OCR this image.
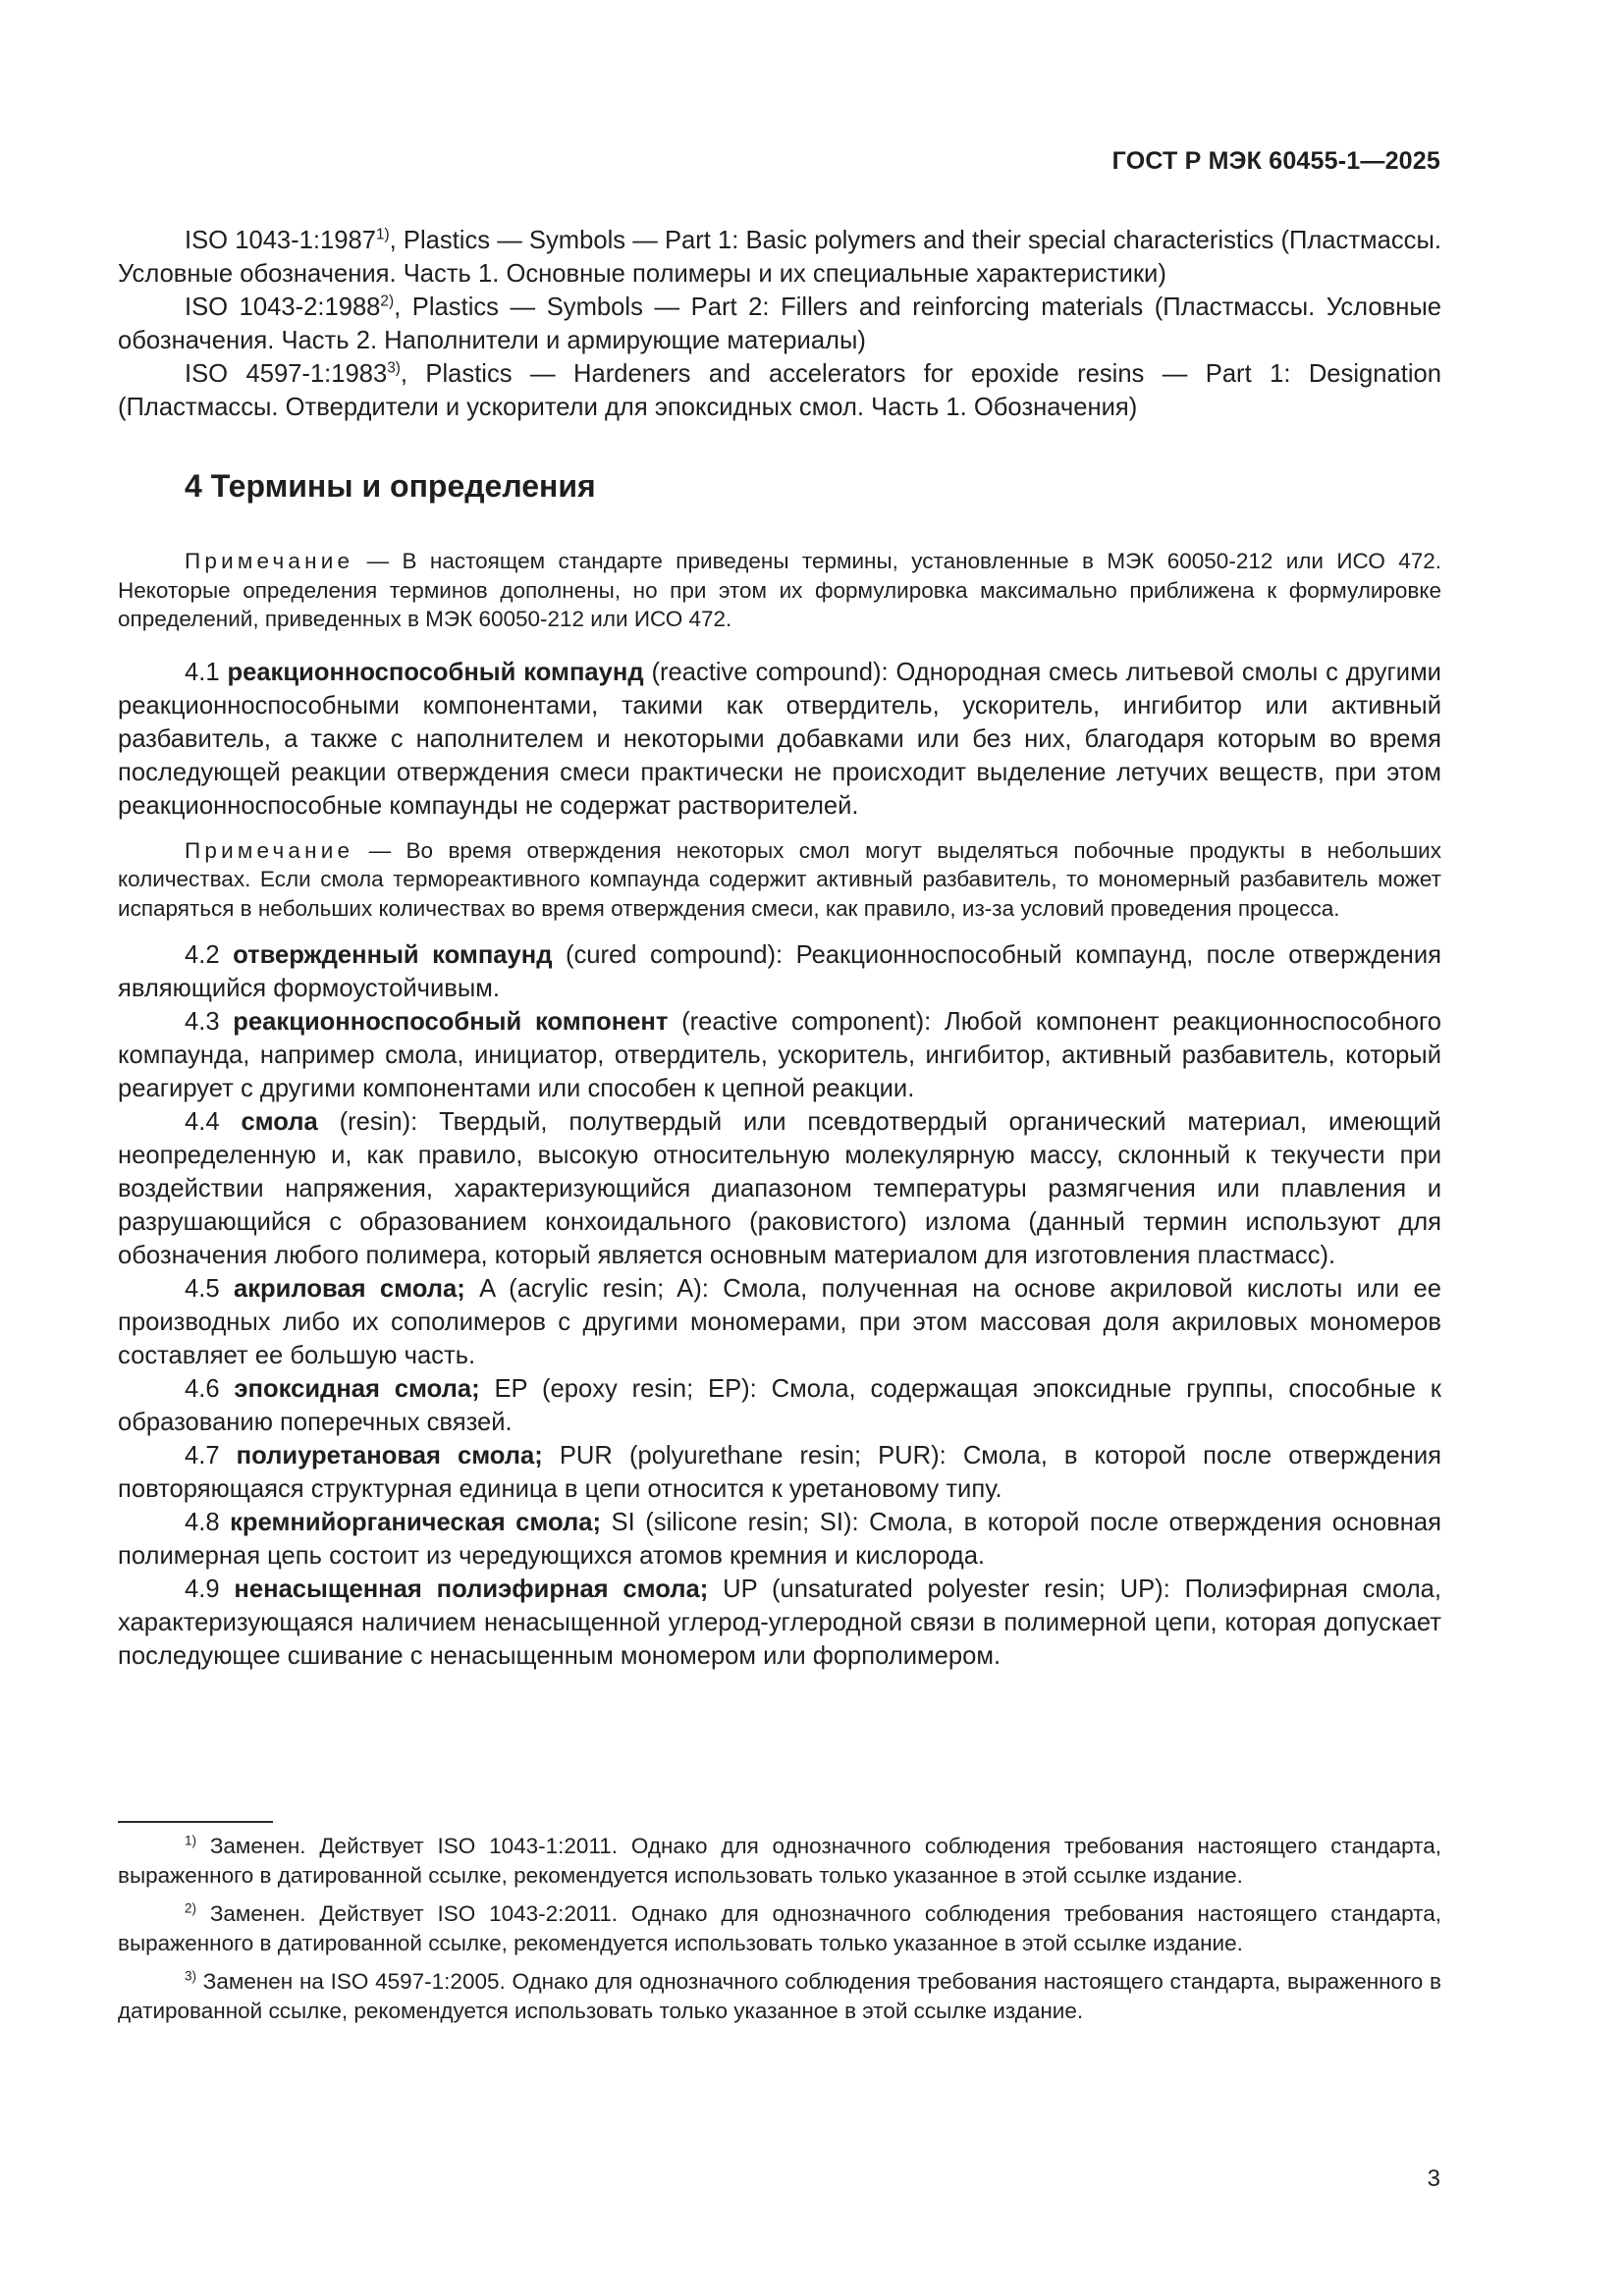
ГОСТ Р МЭК 60455-1—2025

ISO 1043-1:1987$^{1)}$, Plastics — Symbols — Part 1: Basic polymers and their special characteristics (Пластмассы. Условные обозначения. Часть 1. Основные полимеры и их специальные характеристики)

ISO 1043-2:1988$^{2)}$, Plastics — Symbols — Part 2: Fillers and reinforcing materials (Пластмассы. Условные обозначения. Часть 2. Наполнители и армирующие материалы)

ISO 4597-1:1983$^{3)}$, Plastics — Hardeners and accelerators for epoxide resins — Part 1: Designation (Пластмассы. Отвердители и ускорители для эпоксидных смол. Часть 1. Обозначения)

4 Термины и определения

Примечание — В настоящем стандарте приведены термины, установленные в МЭК 60050-212 или ИСО 472. Некоторые определения терминов дополнены, но при этом их формулировка максимально приближена к формулировке определений, приведенных в МЭК 60050-212 или ИСО 472.

4.1 реакционноспособный компаунд (reactive compound): Однородная смесь литьевой смолы с другими реакционноспособными компонентами, такими как отвердитель, ускоритель, ингибитор или активный разбавитель, а также с наполнителем и некоторыми добавками или без них, благодаря которым во время последующей реакции отверждения смеси практически не происходит выделение летучих веществ, при этом реакционноспособные компаунды не содержат растворителей.

Примечание — Во время отверждения некоторых смол могут выделяться побочные продукты в небольших количествах. Если смола термореактивного компаунда содержит активный разбавитель, то мономерный разбавитель может испаряться в небольших количествах во время отверждения смеси, как правило, из-за условий проведения процесса.

4.2 отвержденный компаунд (cured compound): Реакционноспособный компаунд, после отверждения являющийся формоустойчивым.

4.3 реакционноспособный компонент (reactive component): Любой компонент реакционноспособного компаунда, например смола, инициатор, отвердитель, ускоритель, ингибитор, активный разбавитель, который реагирует с другими компонентами или способен к цепной реакции.

4.4 смола (resin): Твердый, полутвердый или псевдотвердый органический материал, имеющий неопределенную и, как правило, высокую относительную молекулярную массу, склонный к текучести при воздействии напряжения, характеризующийся диапазоном температуры размягчения или плавления и разрушающийся с образованием конхоидального (раковистого) излома (данный термин используют для обозначения любого полимера, который является основным материалом для изготовления пластмасс).

4.5 акриловая смола; A (acrylic resin; A): Смола, полученная на основе акриловой кислоты или ее производных либо их сополимеров с другими мономерами, при этом массовая доля акриловых мономеров составляет ее большую часть.

4.6 эпоксидная смола; EP (epoxy resin; EP): Смола, содержащая эпоксидные группы, способные к образованию поперечных связей.

4.7 полиуретановая смола; PUR (polyurethane resin; PUR): Смола, в которой после отверждения повторяющаяся структурная единица в цепи относится к уретановому типу.

4.8 кремнийорганическая смола; SI (silicone resin; SI): Смола, в которой после отверждения основная полимерная цепь состоит из чередующихся атомов кремния и кислорода.

4.9 ненасыщенная полиэфирная смола; UP (unsaturated polyester resin; UP): Полиэфирная смола, характеризующаяся наличием ненасыщенной углерод-углеродной связи в полимерной цепи, которая допускает последующее сшивание с ненасыщенным мономером или форполимером.

$^{1)}$ Заменен. Действует ISO 1043-1:2011. Однако для однозначного соблюдения требования настоящего стандарта, выраженного в датированной ссылке, рекомендуется использовать только указанное в этой ссылке издание.

$^{2)}$ Заменен. Действует ISO 1043-2:2011. Однако для однозначного соблюдения требования настоящего стандарта, выраженного в датированной ссылке, рекомендуется использовать только указанное в этой ссылке издание.

$^{3)}$ Заменен на ISO 4597-1:2005. Однако для однозначного соблюдения требования настоящего стандарта, выраженного в датированной ссылке, рекомендуется использовать только указанное в этой ссылке издание.

3
